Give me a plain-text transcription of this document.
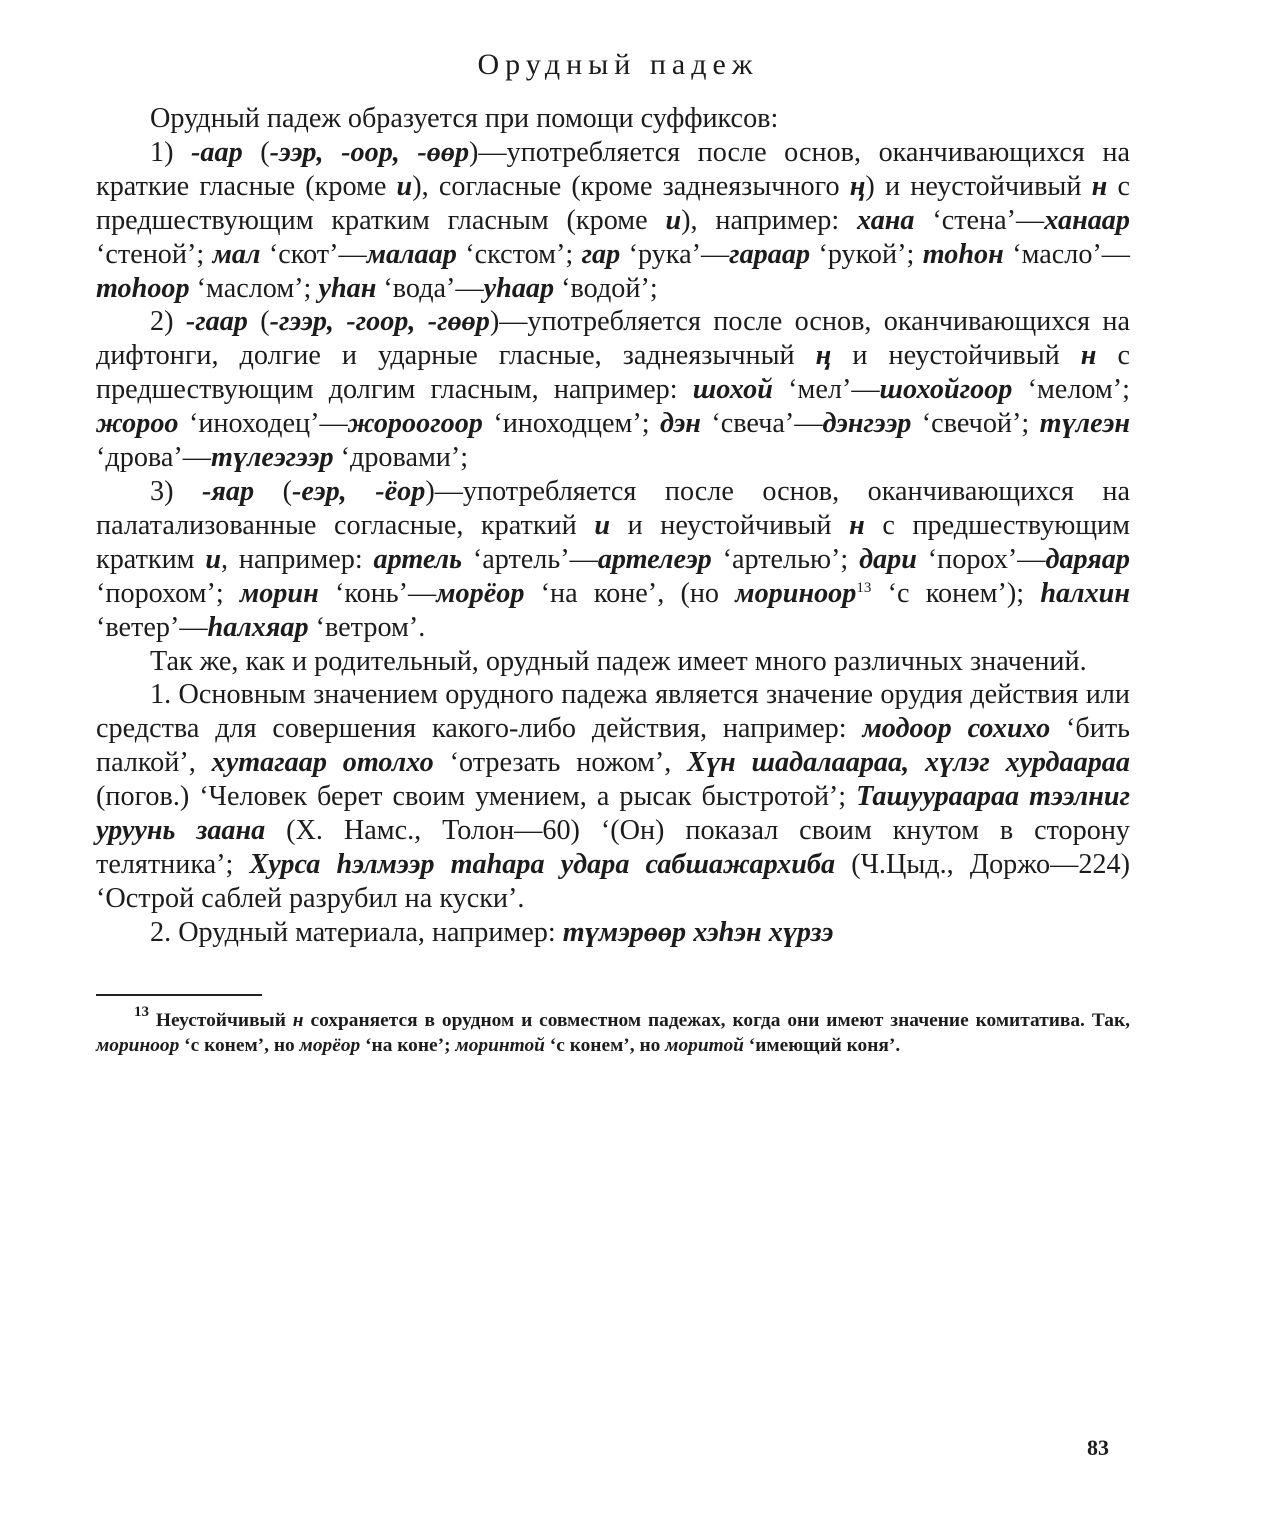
Орудный падеж

Орудный падеж образуется при помощи суффиксов:

1) -аар (-ээр, -оор, -өөр)—употребляется после основ, оканчивающихся на краткие гласные (кроме и), согласные (кроме заднеязычного ң) и неустойчивый н с предшествующим кратким гласным (кроме и), например: хана ‘стена’—ханаар ‘стеной’; мал ‘скот’—малаар ‘скстом’; гар ‘рука’—гараар ‘рукой’; тоһон ‘масло’—тоһоор ‘маслом’; уһан ‘вода’—уһаар ‘водой’;

2) -гаар (-гээр, -гоор, -гөөр)—употребляется после основ, оканчивающихся на дифтонги, долгие и ударные гласные, заднеязычный ң и неустойчивый н с предшествующим долгим гласным, например: шохой ‘мел’—шохойгоор ‘мелом’; жороо ‘иноходец’—жороогоор ‘иноходцем’; дэн ‘свеча’—дэнгээр ‘свечой’; түлеэн ‘дрова’—түлеэгээр ‘дровами’;

3) -яар (-еэр, -ёор)—употребляется после основ, оканчивающихся на палатализованные согласные, краткий и и неустойчивый н с предшествующим кратким и, например: артель ‘артель’—артелеэр ‘артелью’; дари ‘порох’—даряар ‘порохом’; морин ‘конь’—морёор ‘на коне’, (но мориноор$^{13}$ ‘с конем’); һалхин ‘ветер’—һалхяар ‘ветром’.

Так же, как и родительный, орудный падеж имеет много различных значений.

1. Основным значением орудного падежа является значение орудия действия или средства для совершения какого-либо действия, например: модоор сохихо ‘бить палкой’, хутагаар отолхо ‘отрезать ножом’, Хүн шадалаараа, хүлэг хурдаараа (погов.) ‘Человек берет своим умением, а рысак быстротой’; Ташуураараа тээлниг уруунь заана (Х. Намс., Толон—60) ‘(Он) показал своим кнутом в сторону телятника’; Хурса һэлмээр таһара удара сабшажархиба (Ч.Цыд., Доржо—224) ‘Острой саблей разрубил на куски’.

2. Орудный материала, например: түмэрөөр хэһэн хүрзэ

$^{13}$ Неустойчивый н сохраняется в орудном и совместном падежах, когда они имеют значение комитатива. Так, мориноор ‘с конем’, но морёор ‘на коне’; моринтой ‘с конем’, но моритой ‘имеющий коня’.

83
